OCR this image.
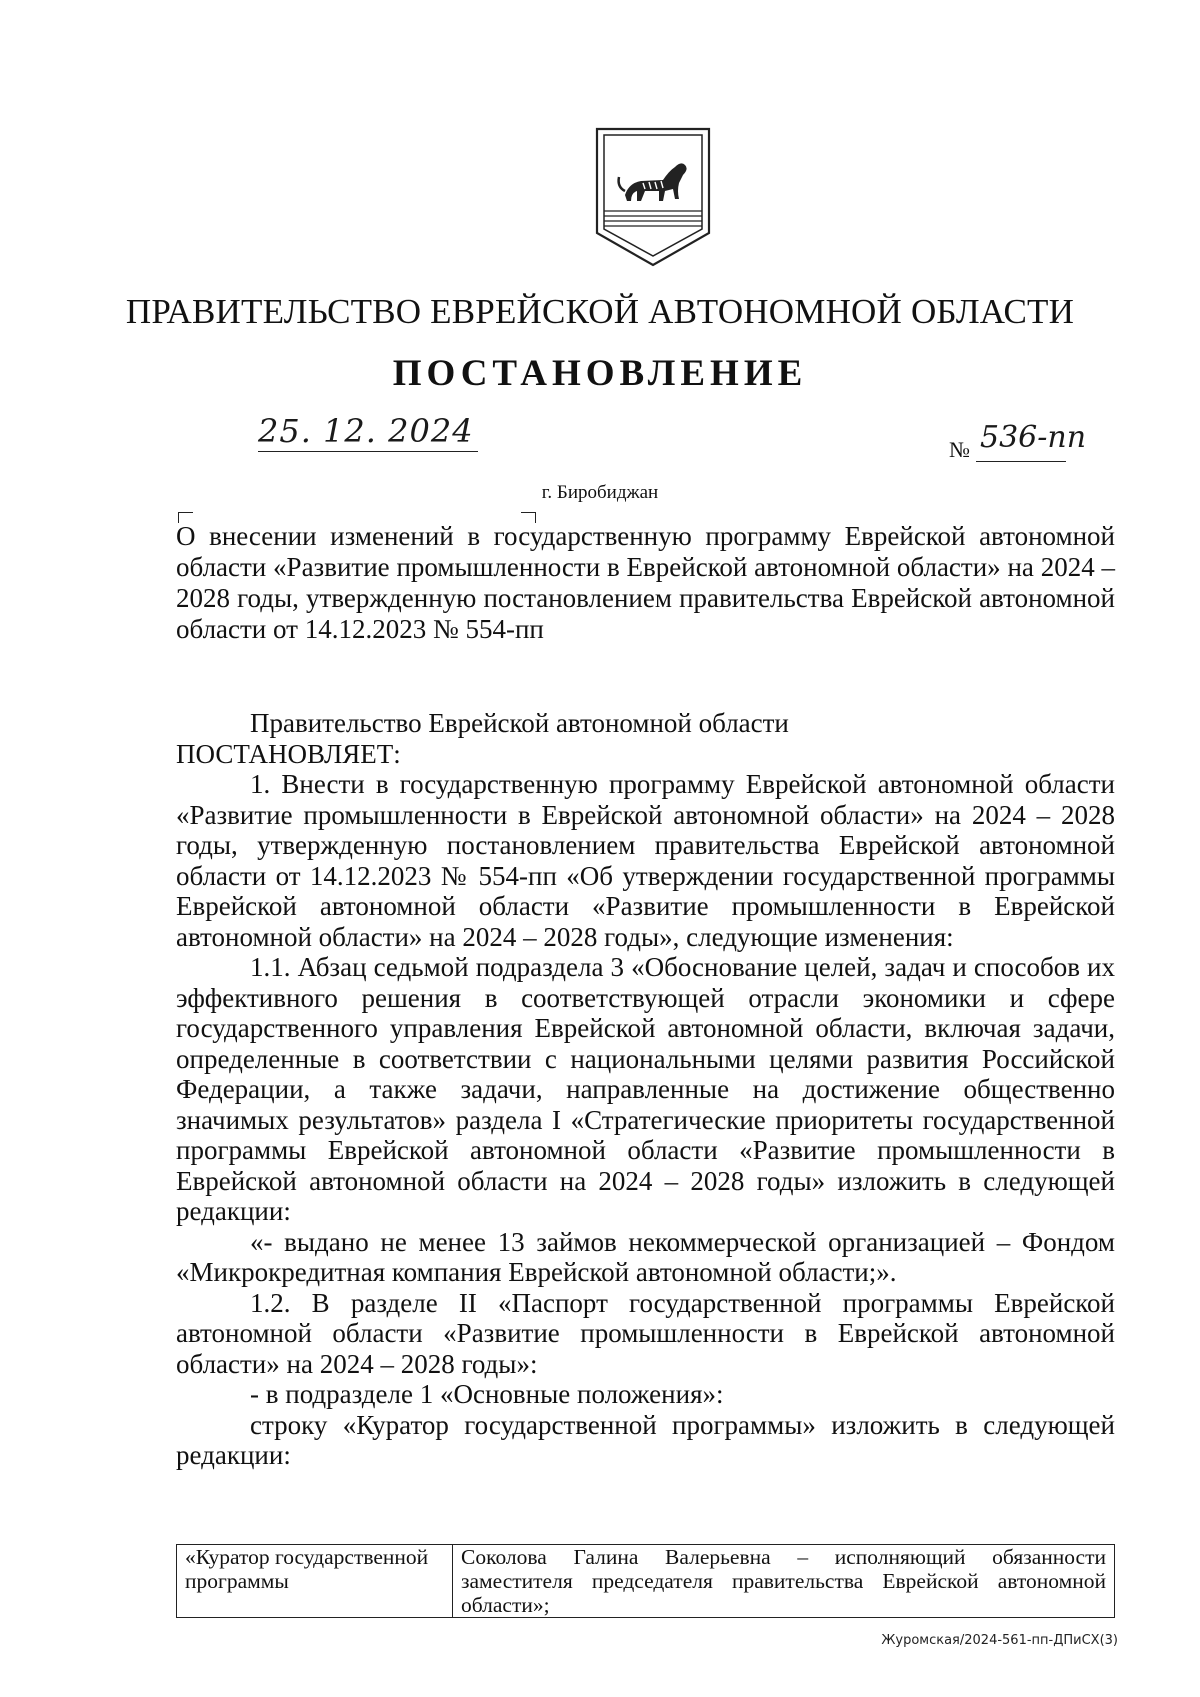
ПРАВИТЕЛЬСТВО ЕВРЕЙСКОЙ АВТОНОМНОЙ ОБЛАСТИ
ПОСТАНОВЛЕНИЕ
25. 12. 2024	№ 536-пп
г. Биробиджан
О внесении изменений в государственную программу Еврейской автономной области «Развитие промышленности в Еврейской автономной области» на 2024 – 2028 годы, утвержденную постановлением правительства Еврейской автономной области от 14.12.2023 № 554-пп

Правительство Еврейской автономной области

ПОСТАНОВЛЯЕТ:

1. Внести в государственную программу Еврейской автономной области «Развитие промышленности в Еврейской автономной области» на 2024 – 2028 годы, утвержденную постановлением правительства Еврейской автономной области от 14.12.2023 № 554-пп «Об утверждении государственной программы Еврейской автономной области «Развитие промышленности в Еврейской автономной области» на 2024 – 2028 годы», следующие изменения:

1.1. Абзац седьмой подраздела 3 «Обоснование целей, задач и способов их эффективного решения в соответствующей отрасли экономики и сфере государственного управления Еврейской автономной области, включая задачи, определенные в соответствии с национальными целями развития Российской Федерации, а также задачи, направленные на достижение общественно значимых результатов» раздела I «Стратегические приоритеты государственной программы Еврейской автономной области «Развитие промышленности в Еврейской автономной области на 2024 – 2028 годы» изложить в следующей редакции:

«- выдано не менее 13 займов некоммерческой организацией – Фондом «Микрокредитная компания Еврейской автономной области;».

1.2. В разделе II «Паспорт государственной программы Еврейской автономной области «Развитие промышленности в Еврейской автономной области» на 2024 – 2028 годы»:

- в подразделе 1 «Основные положения»:

строку «Куратор государственной программы» изложить в следующей редакции:

«Куратор государственной программы	Соколова Галина Валерьевна – исполняющий обязанности заместителя председателя правительства Еврейской автономной области»;
Журомская/2024-561-пп-ДПиСХ(3)
